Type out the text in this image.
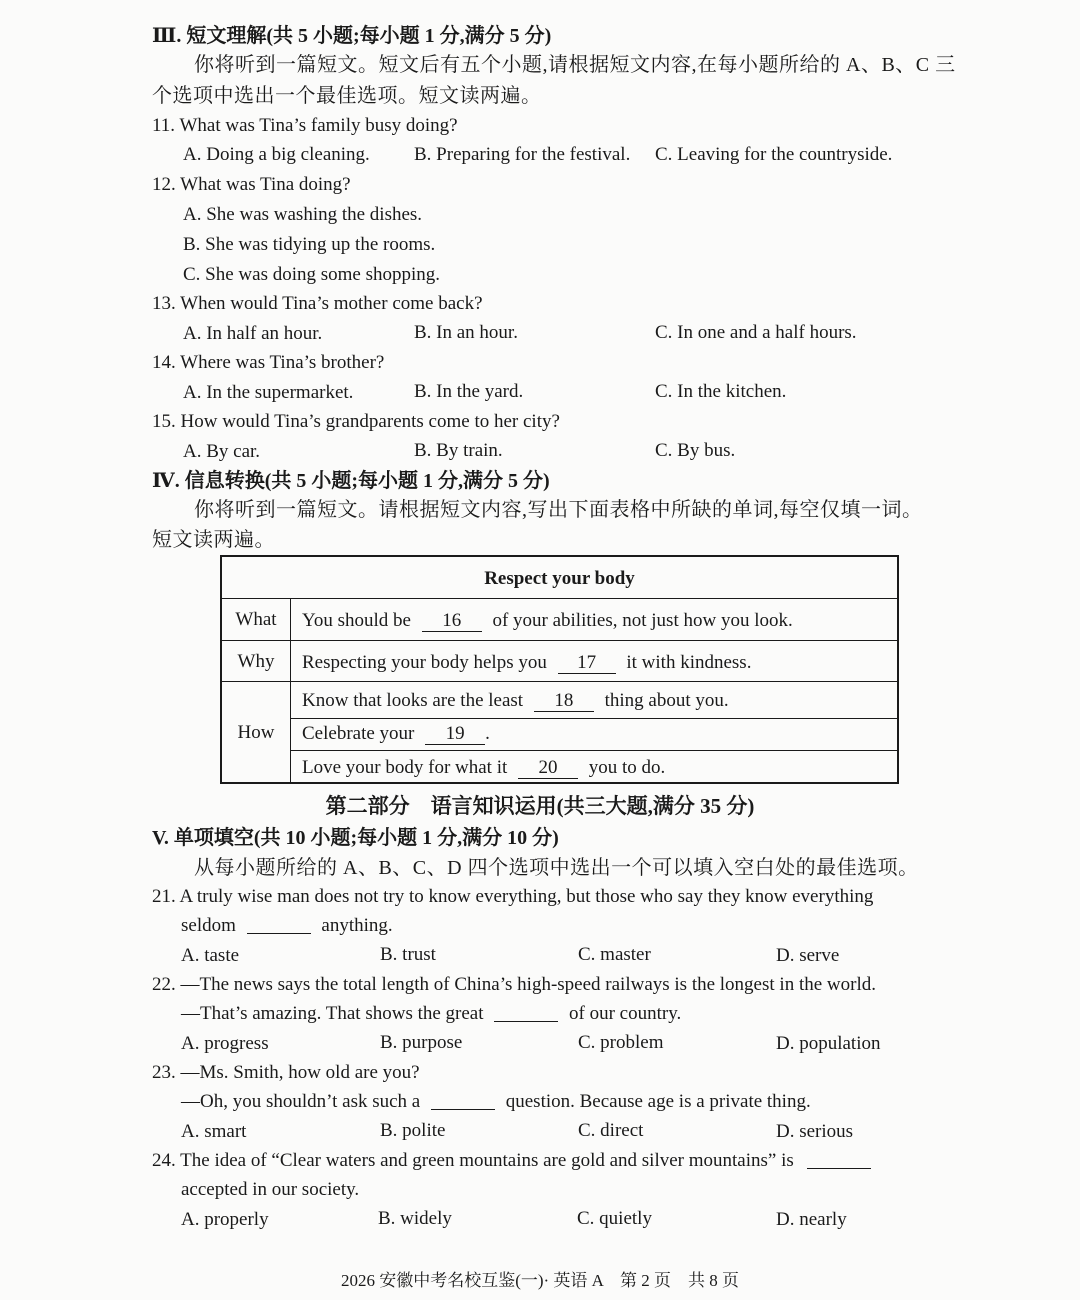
Ⅲ. 短文理解(共 5 小题;每小题 1 分,满分 5 分)
你将听到一篇短文。短文后有五个小题,请根据短文内容,在每小题所给的 A、B、C 三
个选项中选出一个最佳选项。短文读两遍。
11. What was Tina’s family busy doing?
A. Doing a big cleaning. B. Preparing for the festival. C. Leaving for the countryside.
12. What was Tina doing?
A. She was washing the dishes.
B. She was tidying up the rooms.
C. She was doing some shopping.
13. When would Tina’s mother come back?
A. In half an hour.	B. In an hour.	C. In one and a half hours.
14. Where was Tina’s brother?
A. In the supermarket.	B. In the yard.	C. In the kitchen.
15. How would Tina’s grandparents come to her city?
A. By car.	B. By train.	C. By bus.
Ⅳ. 信息转换(共 5 小题;每小题 1 分,满分 5 分)
你将听到一篇短文。请根据短文内容,写出下面表格中所缺的单词,每空仅填一词。
短文读两遍。
Respect your body
What	You should be 16 of your abilities, not just how you look.
Why	Respecting your body helps you 17 it with kindness.
How
Know that looks are the least 18 thing about you.
Celebrate your 19 .
Love your body for what it 20 you to do.
第二部分　语言知识运用(共三大题,满分 35 分)
V. 单项填空(共 10 小题;每小题 1 分,满分 10 分)
从每小题所给的 A、B、C、D 四个选项中选出一个可以填入空白处的最佳选项。
21. A truly wise man does not try to know everything, but those who say they know everything
seldom	anything.
A. taste	B. trust	C. master	D. serve
22. —The news says the total length of China’s high-speed railways is the longest in the world.
—That’s amazing. That shows the great	of our country.
A. progress	B. purpose	C. problem	D. population
23. —Ms. Smith, how old are you?
—Oh, you shouldn’t ask such a	question. Because age is a private thing.
A. smart	B. polite	C. direct	D. serious
24. The idea of “Clear waters and green mountains are gold and silver mountains” is
accepted in our society.
A. properly	B. widely	C. quietly	D. nearly
2026 安徽中考名校互鉴(一)· 英语 A　第 2 页　共 8 页
